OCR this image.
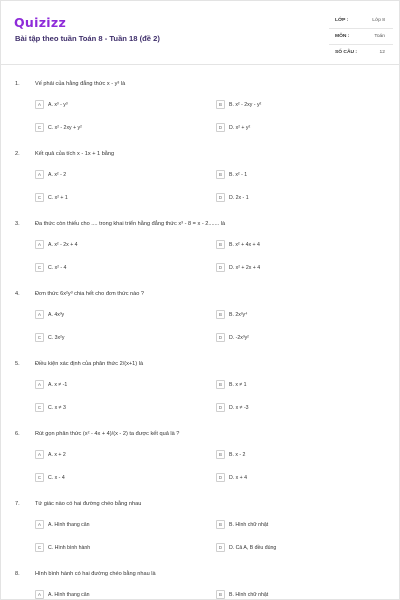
Quizizz
Bài tập theo tuần Toán 8 - Tuần 18 (đề 2)
LỚP :	Lớp 8
MÔN :	Toán
SỐ CÂU :	12
1.	Vế phải của hằng đẳng thức x - y³ là
A	A. x³ - y³	B	B. x² - 2xy - y²
C	C. x² - 2xy + y²	D	D. x² + y²
2.	Kết quả của tích x - 1x + 1 bằng
A	A. x² - 2	B	B. x² - 1
C	C. x² + 1	D	D. 2x - 1
3.	Đa thức còn thiếu cho .... trong khai triển hằng đẳng thức x³ - 8 = x - 2....... là
A	A. x² - 2x + 4	B	B. x² + 4x + 4
C	C. x² - 4	D	D. x² + 2x + 4
4.	Đơn thức 6x²y³ chia hết cho đơn thức nào ?
A	A. 4x³y	B	B. 2x²y⁴
C	C. 3x²y	D	D. -2x³y²
5.	Điều kiện xác định của phân thức 2/(x+1) là
A	A. x ≠ -1	B	B. x ≠ 1
C	C. x ≠ 3	D	D. x ≠ -3
6.	Rút gọn phân thức (x² - 4x + 4)/(x - 2) ta được kết quả là ?
A	A. x + 2	B	B. x - 2
C	C. x - 4	D	D. x + 4
7.	Tứ giác nào có hai đường chéo bằng nhau
A	A. Hình thang cân	B	B. Hình chữ nhật
C	C. Hình bình hành	D	D. Cả A, B đều đúng
8.	Hình bình hành có hai đường chéo bằng nhau là
A	A. Hình thang cân	B	B. Hình chữ nhật
